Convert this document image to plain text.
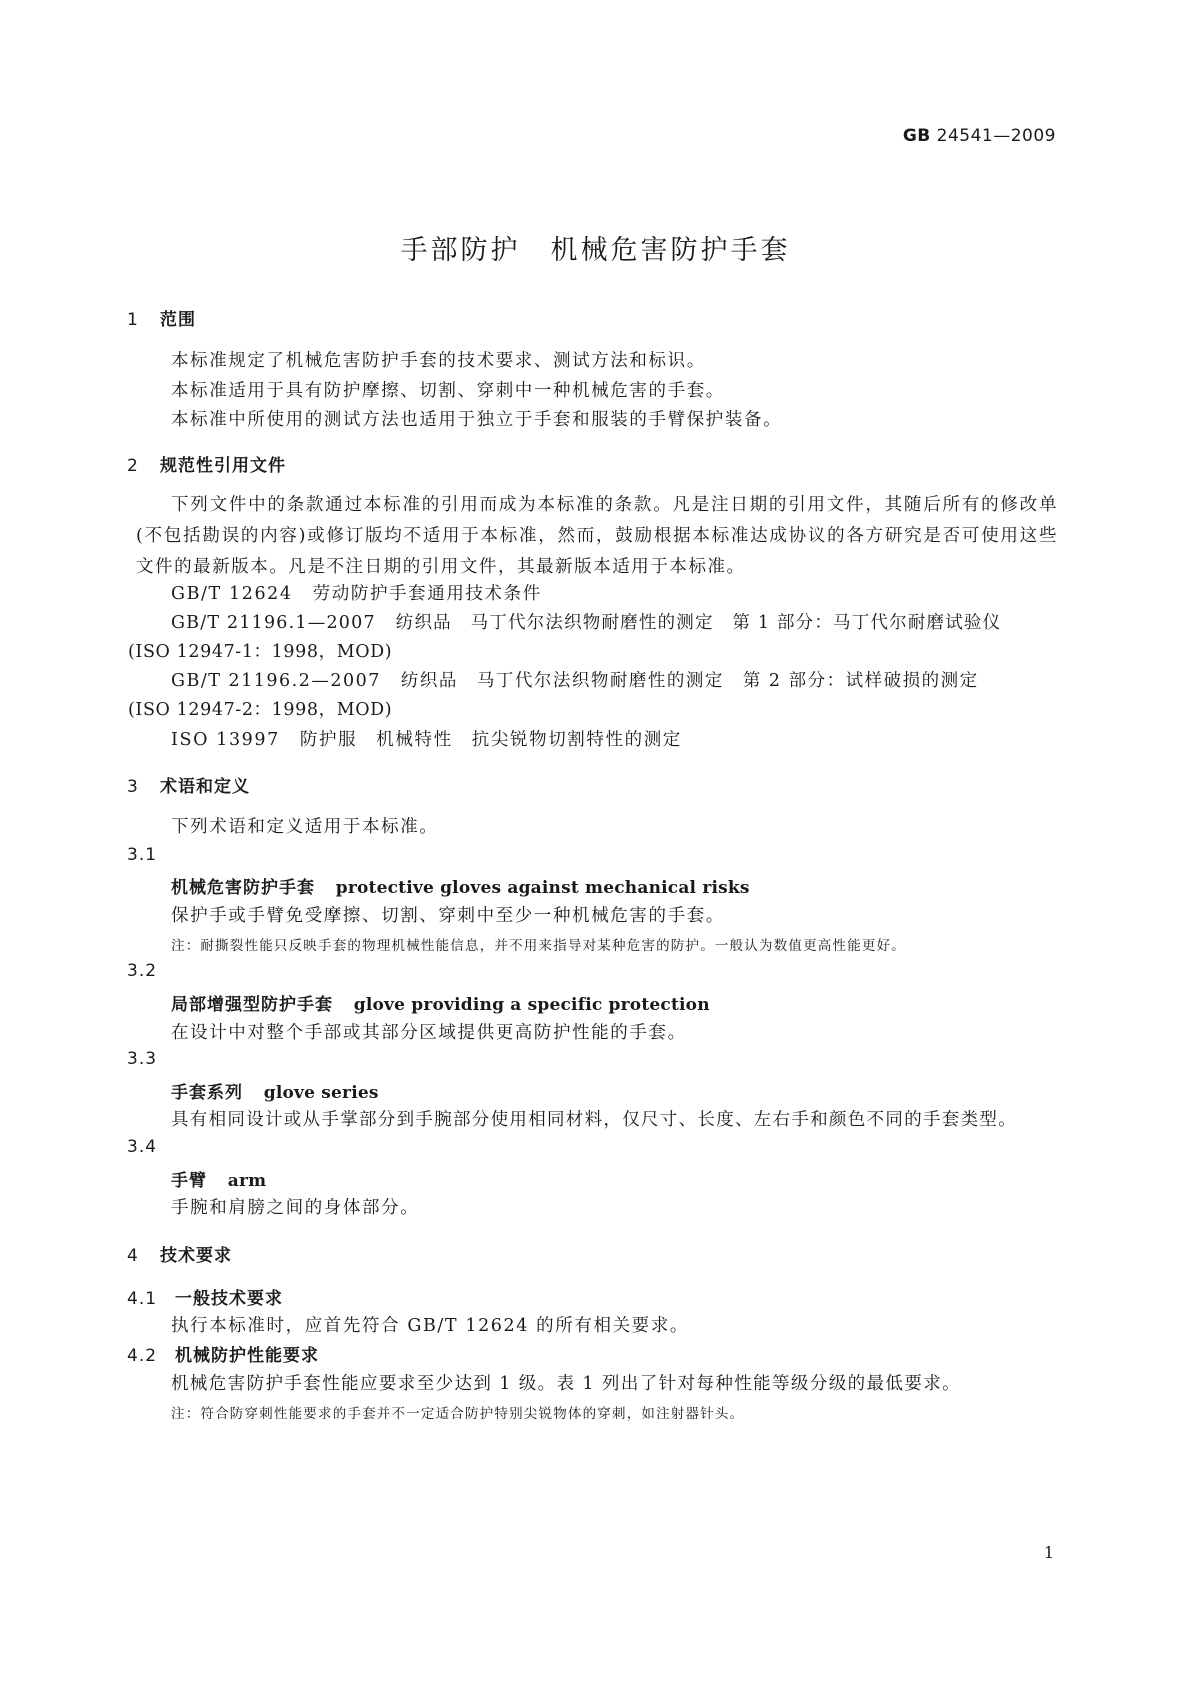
GB 24541—2009
手部防护 机械危害防护手套
1 范围
本标准规定了机械危害防护手套的技术要求、测试方法和标识。
本标准适用于具有防护摩擦、切割、穿刺中一种机械危害的手套。
本标准中所使用的测试方法也适用于独立于手套和服装的手臂保护装备。
2 规范性引用文件
下列文件中的条款通过本标准的引用而成为本标准的条款。凡是注日期的引用文件，其随后所有的修改单(不包括勘误的内容)或修订版均不适用于本标准，然而，鼓励根据本标准达成协议的各方研究是否可使用这些文件的最新版本。凡是不注日期的引用文件，其最新版本适用于本标准。
GB/T 12624 劳动防护手套通用技术条件
GB/T 21196.1—2007 纺织品　马丁代尔法织物耐磨性的测定　第 1 部分：马丁代尔耐磨试验仪
(ISO 12947-1：1998，MOD)
GB/T 21196.2—2007 纺织品　马丁代尔法织物耐磨性的测定　第 2 部分：试样破损的测定
(ISO 12947-2：1998，MOD)
ISO 13997 防护服　机械特性　抗尖锐物切割特性的测定
3 术语和定义
下列术语和定义适用于本标准。
3.1
机械危害防护手套 protective gloves against mechanical risks
保护手或手臂免受摩擦、切割、穿刺中至少一种机械危害的手套。
注：耐撕裂性能只反映手套的物理机械性能信息，并不用来指导对某种危害的防护。一般认为数值更高性能更好。
3.2
局部增强型防护手套 glove providing a specific protection
在设计中对整个手部或其部分区域提供更高防护性能的手套。
3.3
手套系列 glove series
具有相同设计或从手掌部分到手腕部分使用相同材料，仅尺寸、长度、左右手和颜色不同的手套类型。
3.4
手臂 arm
手腕和肩膀之间的身体部分。
4 技术要求
4.1 一般技术要求
执行本标准时，应首先符合 GB/T 12624 的所有相关要求。
4.2 机械防护性能要求
机械危害防护手套性能应要求至少达到 1 级。表 1 列出了针对每种性能等级分级的最低要求。
注：符合防穿刺性能要求的手套并不一定适合防护特别尖锐物体的穿刺，如注射器针头。
1
